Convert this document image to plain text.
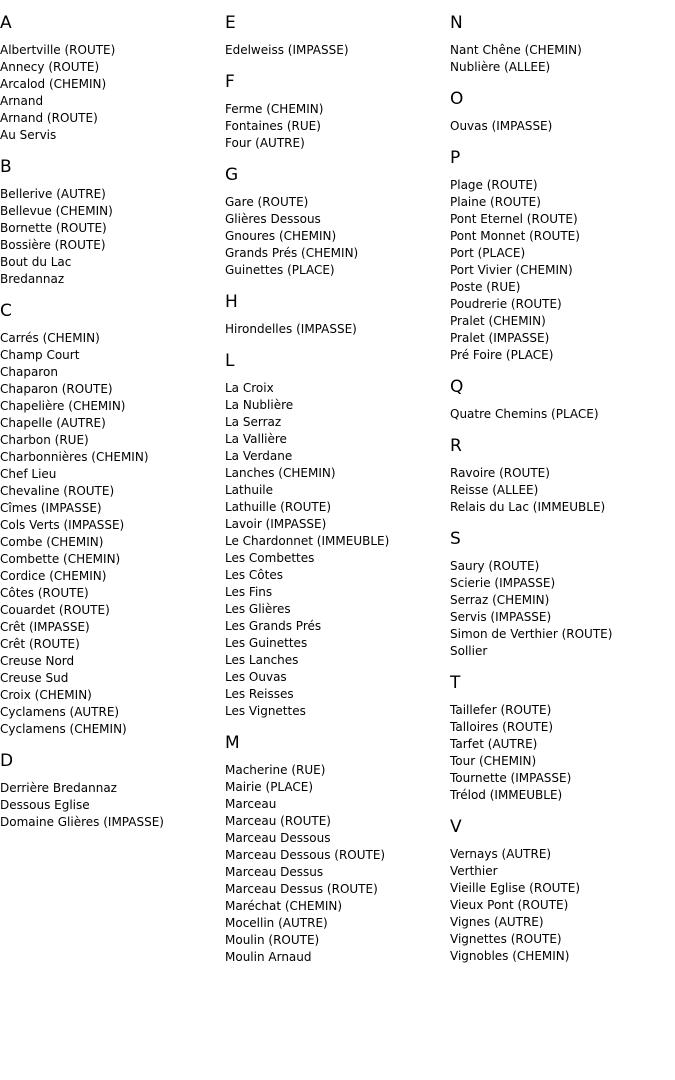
A
Albertville (ROUTE)
Annecy (ROUTE)
Arcalod (CHEMIN)
Arnand
Arnand (ROUTE)
Au Servis
B
Bellerive (AUTRE)
Bellevue (CHEMIN)
Bornette (ROUTE)
Bossière (ROUTE)
Bout du Lac
Bredannaz
C
Carrés (CHEMIN)
Champ Court
Chaparon
Chaparon (ROUTE)
Chapelière (CHEMIN)
Chapelle (AUTRE)
Charbon (RUE)
Charbonnières (CHEMIN)
Chef Lieu
Chevaline (ROUTE)
Cîmes (IMPASSE)
Cols Verts (IMPASSE)
Combe (CHEMIN)
Combette (CHEMIN)
Cordice (CHEMIN)
Côtes (ROUTE)
Couardet (ROUTE)
Crêt (IMPASSE)
Crêt (ROUTE)
Creuse Nord
Creuse Sud
Croix (CHEMIN)
Cyclamens (AUTRE)
Cyclamens (CHEMIN)
D
Derrière Bredannaz
Dessous Eglise
Domaine Glières (IMPASSE)
E
Edelweiss (IMPASSE)
F
Ferme (CHEMIN)
Fontaines (RUE)
Four (AUTRE)
G
Gare (ROUTE)
Glières Dessous
Gnoures (CHEMIN)
Grands Prés (CHEMIN)
Guinettes (PLACE)
H
Hirondelles (IMPASSE)
L
La Croix
La Nublière
La Serraz
La Vallière
La Verdane
Lanches (CHEMIN)
Lathuile
Lathuille (ROUTE)
Lavoir (IMPASSE)
Le Chardonnet (IMMEUBLE)
Les Combettes
Les Côtes
Les Fins
Les Glières
Les Grands Prés
Les Guinettes
Les Lanches
Les Ouvas
Les Reisses
Les Vignettes
M
Macherine (RUE)
Mairie (PLACE)
Marceau
Marceau (ROUTE)
Marceau Dessous
Marceau Dessous (ROUTE)
Marceau Dessus
Marceau Dessus (ROUTE)
Maréchat (CHEMIN)
Mocellin (AUTRE)
Moulin (ROUTE)
Moulin Arnaud
N
Nant Chêne (CHEMIN)
Nublière (ALLEE)
O
Ouvas (IMPASSE)
P
Plage (ROUTE)
Plaine (ROUTE)
Pont Eternel (ROUTE)
Pont Monnet (ROUTE)
Port (PLACE)
Port Vivier (CHEMIN)
Poste (RUE)
Poudrerie (ROUTE)
Pralet (CHEMIN)
Pralet (IMPASSE)
Pré Foire (PLACE)
Q
Quatre Chemins (PLACE)
R
Ravoire (ROUTE)
Reisse (ALLEE)
Relais du Lac (IMMEUBLE)
S
Saury (ROUTE)
Scierie (IMPASSE)
Serraz (CHEMIN)
Servis (IMPASSE)
Simon de Verthier (ROUTE)
Sollier
T
Taillefer (ROUTE)
Talloires (ROUTE)
Tarfet (AUTRE)
Tour (CHEMIN)
Tournette (IMPASSE)
Trélod (IMMEUBLE)
V
Vernays (AUTRE)
Verthier
Vieille Eglise (ROUTE)
Vieux Pont (ROUTE)
Vignes (AUTRE)
Vignettes (ROUTE)
Vignobles (CHEMIN)
